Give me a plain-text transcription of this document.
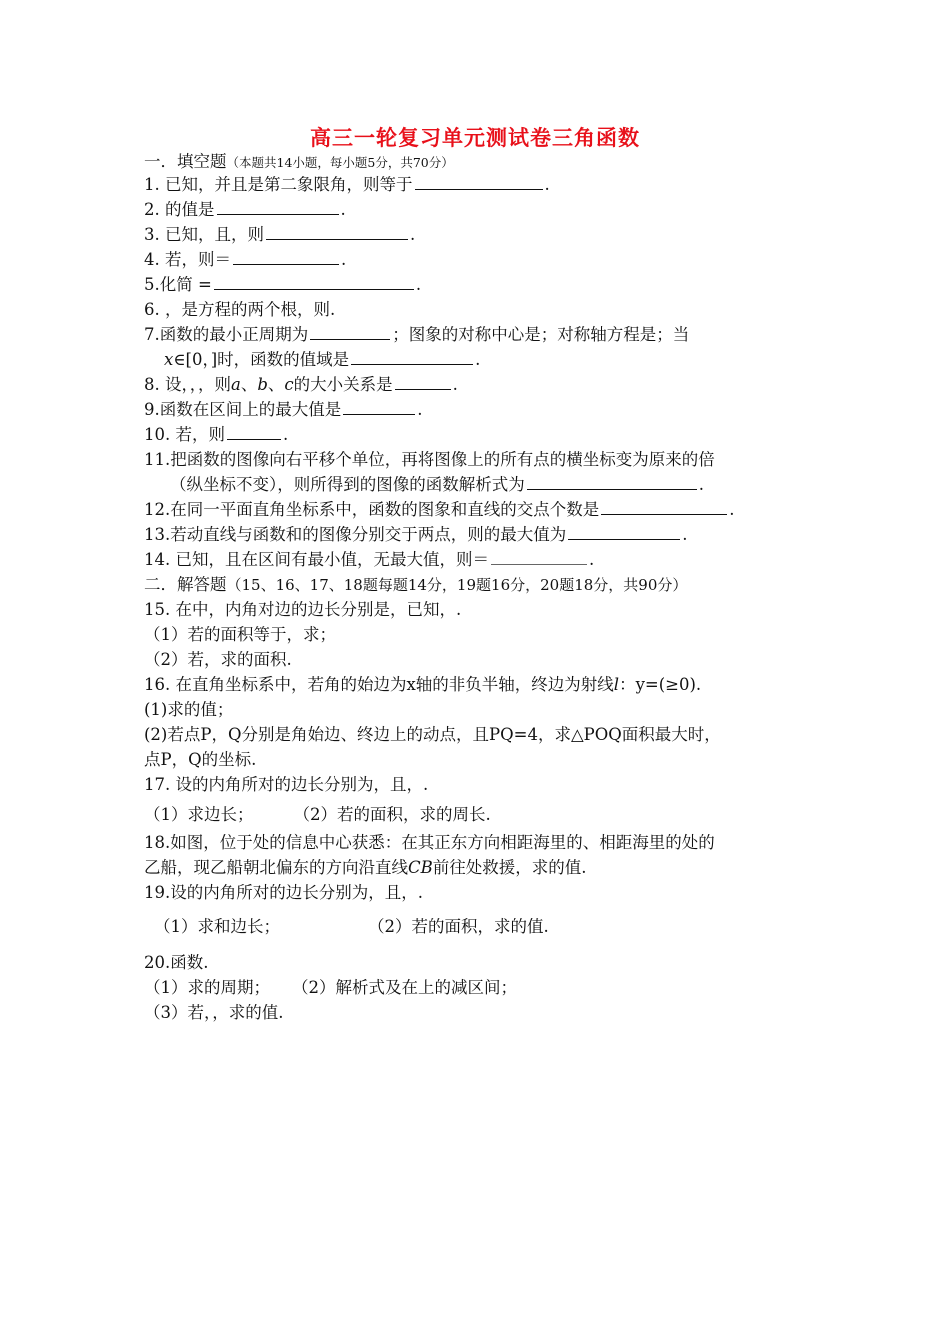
高三一轮复习单元测试卷三角函数
一．填空题（本题共14小题，每小题5分，共70分）
1. 已知，并且是第二象限角，则等于	.
2. 的值是	.
3. 已知，且，则	.
4. 若，则＝	.
5.化简 =	.
6. ，是方程的两个根，则.
7.函数的最小正周期为	；图象的对称中心是；对称轴方程是；当
x∈[0，]时，函数的值域是	.
8. 设，，，则a、b、c的大小关系是	.
9.函数在区间上的最大值是	.
10. 若，则	.
11.把函数的图像向右平移个单位，再将图像上的所有点的横坐标变为原来的倍
（纵坐标不变），则所得到的图像的函数解析式为	.
12.在同一平面直角坐标系中，函数的图象和直线的交点个数是	.
13.若动直线与函数和的图像分别交于两点，则的最大值为	.
14. 已知，且在区间有最小值，无最大值，则＝	.
二．解答题（15、16、17、18题每题14分，19题16分，20题18分，共90分）
15. 在中，内角对边的边长分别是，已知，.
（1）若的面积等于，求；
（2）若，求的面积.
16. 在直角坐标系中，若角的始边为x轴的非负半轴，终边为射线l：y=(≥0).
(1)求的值；
(2)若点P，Q分别是角始边、终边上的动点，且PQ=4，求△POQ面积最大时，
点P，Q的坐标.
17. 设的内角所对的边长分别为，且，.
（1）求边长； （2）若的面积，求的周长.
18.如图，位于处的信息中心获悉：在其正东方向相距海里的、相距海里的处的
乙船，现乙船朝北偏东的方向沿直线CB前往处救援，求的值.
19.设的内角所对的边长分别为，且，.
（1）求和边长；	（2）若的面积，求的值.
20.函数.
（1）求的周期； （2）解析式及在上的减区间；
（3）若，，求的值.
